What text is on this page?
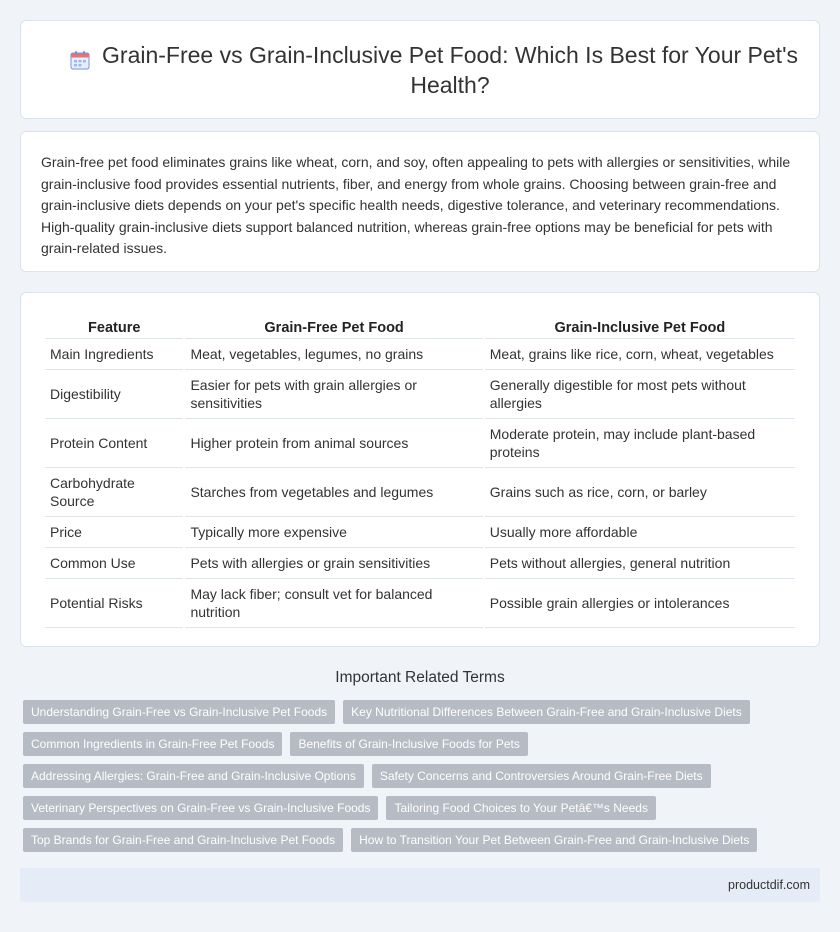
Grain-Free vs Grain-Inclusive Pet Food: Which Is Best for Your Pet's Health?

Grain-free pet food eliminates grains like wheat, corn, and soy, often appealing to pets with allergies or sensitivities, while grain-inclusive food provides essential nutrients, fiber, and energy from whole grains. Choosing between grain-free and grain-inclusive diets depends on your pet's specific health needs, digestive tolerance, and veterinary recommendations. High-quality grain-inclusive diets support balanced nutrition, whereas grain-free options may be beneficial for pets with grain-related issues.

Feature	Grain-Free Pet Food	Grain-Inclusive Pet Food
Main Ingredients	Meat, vegetables, legumes, no grains	Meat, grains like rice, corn, wheat, vegetables
Digestibility	Easier for pets with grain allergies or sensitivities	Generally digestible for most pets without allergies
Protein Content	Higher protein from animal sources	Moderate protein, may include plant-based proteins
Carbohydrate Source	Starches from vegetables and legumes	Grains such as rice, corn, or barley
Price	Typically more expensive	Usually more affordable
Common Use	Pets with allergies or grain sensitivities	Pets without allergies, general nutrition
Potential Risks	May lack fiber; consult vet for balanced nutrition	Possible grain allergies or intolerances
Important Related Terms
Understanding Grain-Free vs Grain-Inclusive Pet Foods	Key Nutritional Differences Between Grain-Free and Grain-Inclusive Diets
Common Ingredients in Grain-Free Pet Foods	Benefits of Grain-Inclusive Foods for Pets
Addressing Allergies: Grain-Free and Grain-Inclusive Options	Safety Concerns and Controversies Around Grain-Free Diets
Veterinary Perspectives on Grain-Free vs Grain-Inclusive Foods	Tailoring Food Choices to Your Petâ€™s Needs
Top Brands for Grain-Free and Grain-Inclusive Pet Foods	How to Transition Your Pet Between Grain-Free and Grain-Inclusive Diets
productdif.com
